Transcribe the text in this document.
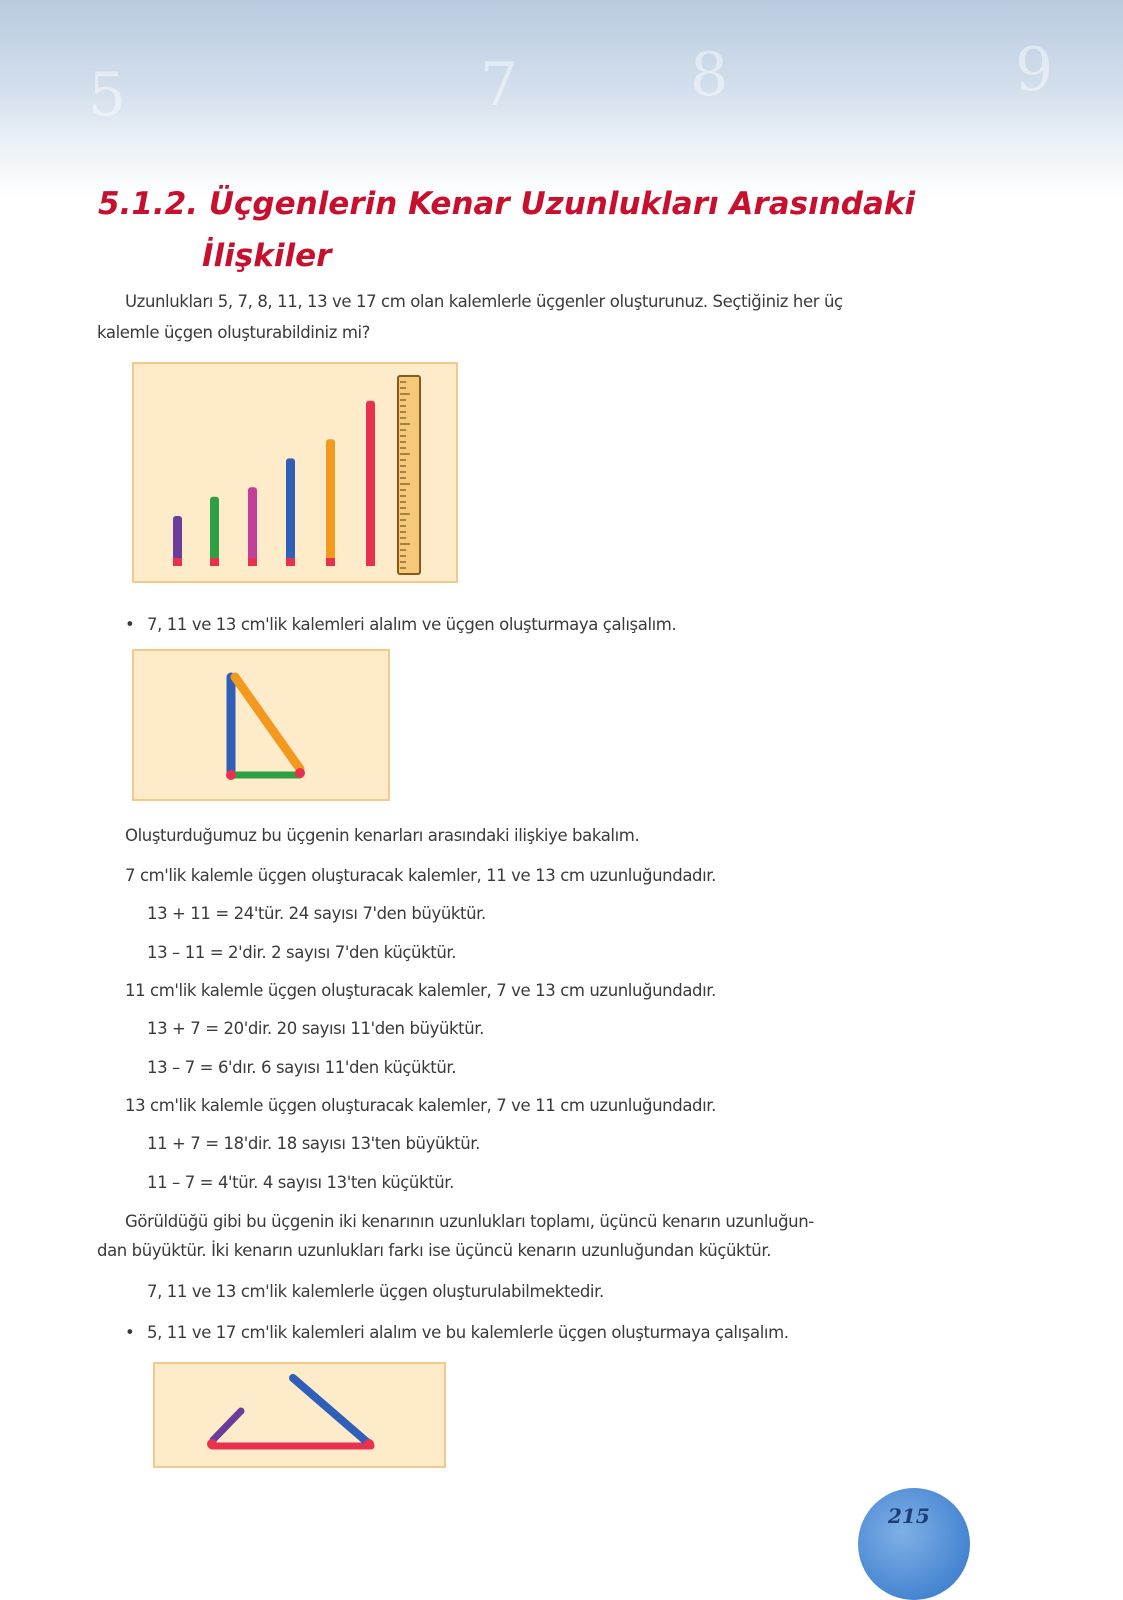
5	7	8	9
5.1.2. Üçgenlerin Kenar Uzunlukları Arasındaki
İlişkiler
Uzunlukları 5, 7, 8, 11, 13 ve 17 cm olan kalemlerle üçgenler oluşturunuz. Seçtiğiniz her üç
kalemle üçgen oluşturabildiniz mi?
• 7, 11 ve 13 cm'lik kalemleri alalım ve üçgen oluşturmaya çalışalım.
Oluşturduğumuz bu üçgenin kenarları arasındaki ilişkiye bakalım.
7 cm'lik kalemle üçgen oluşturacak kalemler, 11 ve 13 cm uzunluğundadır.
13 + 11 = 24'tür. 24 sayısı 7'den büyüktür.
13 – 11 = 2'dir. 2 sayısı 7'den küçüktür.
11 cm'lik kalemle üçgen oluşturacak kalemler, 7 ve 13 cm uzunluğundadır.
13 + 7 = 20'dir. 20 sayısı 11'den büyüktür.
13 – 7 = 6'dır. 6 sayısı 11'den küçüktür.
13 cm'lik kalemle üçgen oluşturacak kalemler, 7 ve 11 cm uzunluğundadır.
11 + 7 = 18'dir. 18 sayısı 13'ten büyüktür.
11 – 7 = 4'tür. 4 sayısı 13'ten küçüktür.
Görüldüğü gibi bu üçgenin iki kenarının uzunlukları toplamı, üçüncü kenarın uzunluğun-
dan büyüktür. İki kenarın uzunlukları farkı ise üçüncü kenarın uzunluğundan küçüktür.
7, 11 ve 13 cm'lik kalemlerle üçgen oluşturulabilmektedir.
• 5, 11 ve 17 cm'lik kalemleri alalım ve bu kalemlerle üçgen oluşturmaya çalışalım.
215
